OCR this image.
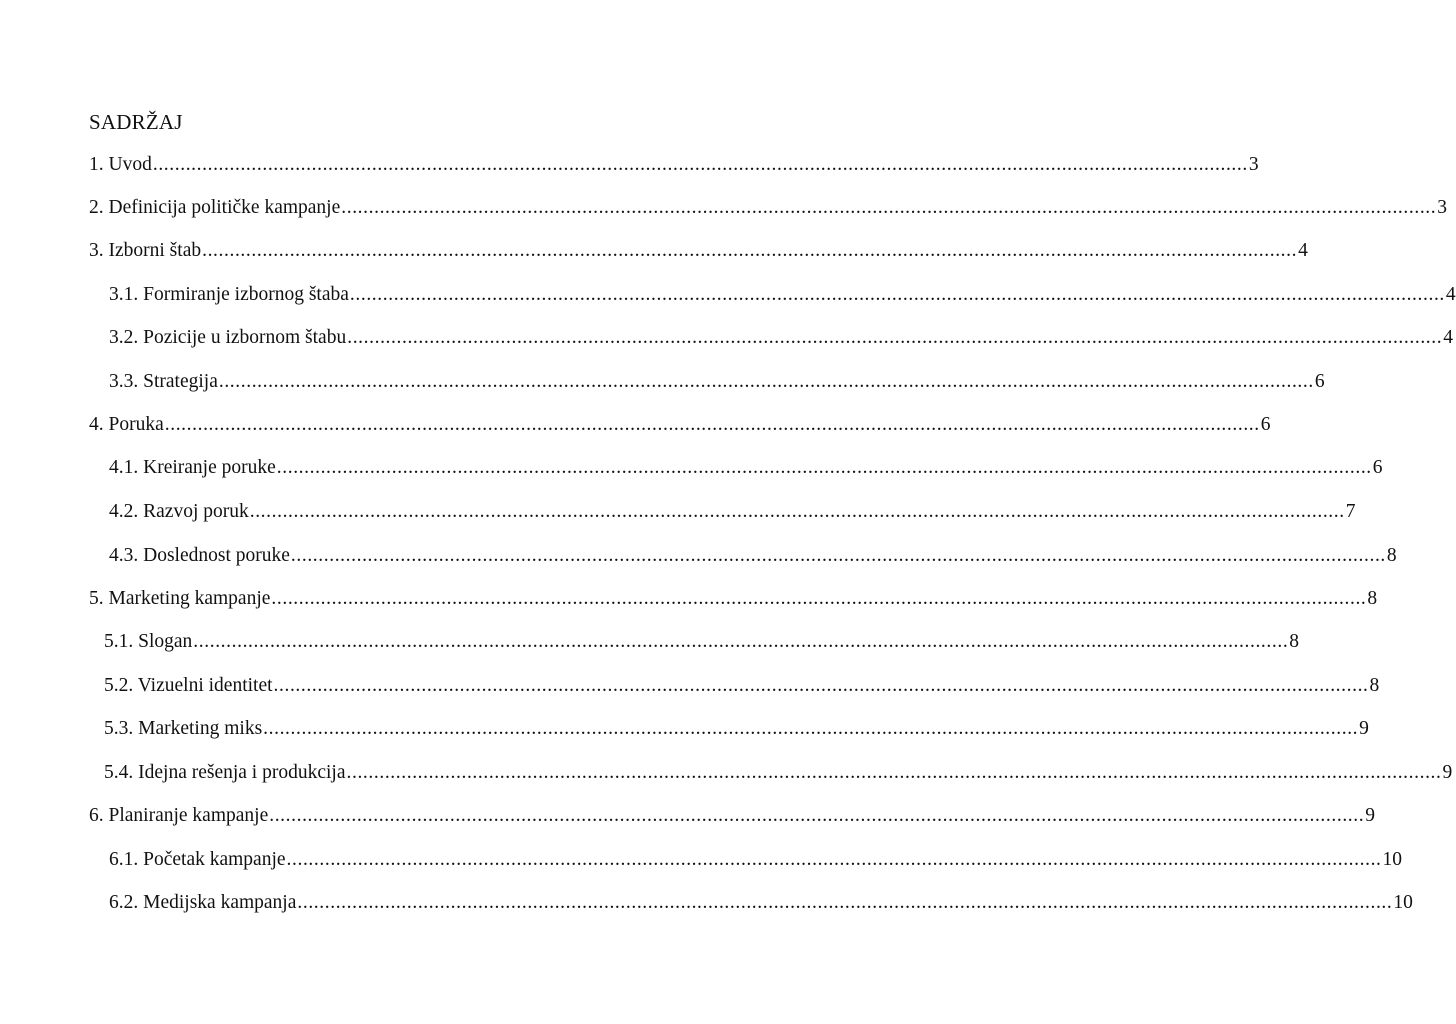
SADRŽAJ
1. Uvod ........................................................................................................................................................................................................ 3
2. Definicija političke kampanje ........................................................................................................................................................................................................ 3
3. Izborni štab ........................................................................................................................................................................................................ 4
3.1. Formiranje izbornog štaba ........................................................................................................................................................................................................ 4
3.2. Pozicije u izbornom štabu ........................................................................................................................................................................................................ 4
3.3. Strategija ........................................................................................................................................................................................................ 6
4. Poruka ........................................................................................................................................................................................................ 6
4.1. Kreiranje poruke ........................................................................................................................................................................................................ 6
4.2. Razvoj poruk ........................................................................................................................................................................................................ 7
4.3. Doslednost poruke ........................................................................................................................................................................................................ 8
5. Marketing kampanje ........................................................................................................................................................................................................ 8
5.1. Slogan ........................................................................................................................................................................................................ 8
5.2. Vizuelni identitet ........................................................................................................................................................................................................ 8
5.3. Marketing miks ........................................................................................................................................................................................................ 9
5.4. Idejna rešenja i produkcija ........................................................................................................................................................................................................ 9
6. Planiranje kampanje ........................................................................................................................................................................................................ 9
6.1. Početak kampanje ........................................................................................................................................................................................................ 10
6.2. Medijska kampanja ........................................................................................................................................................................................................ 10
